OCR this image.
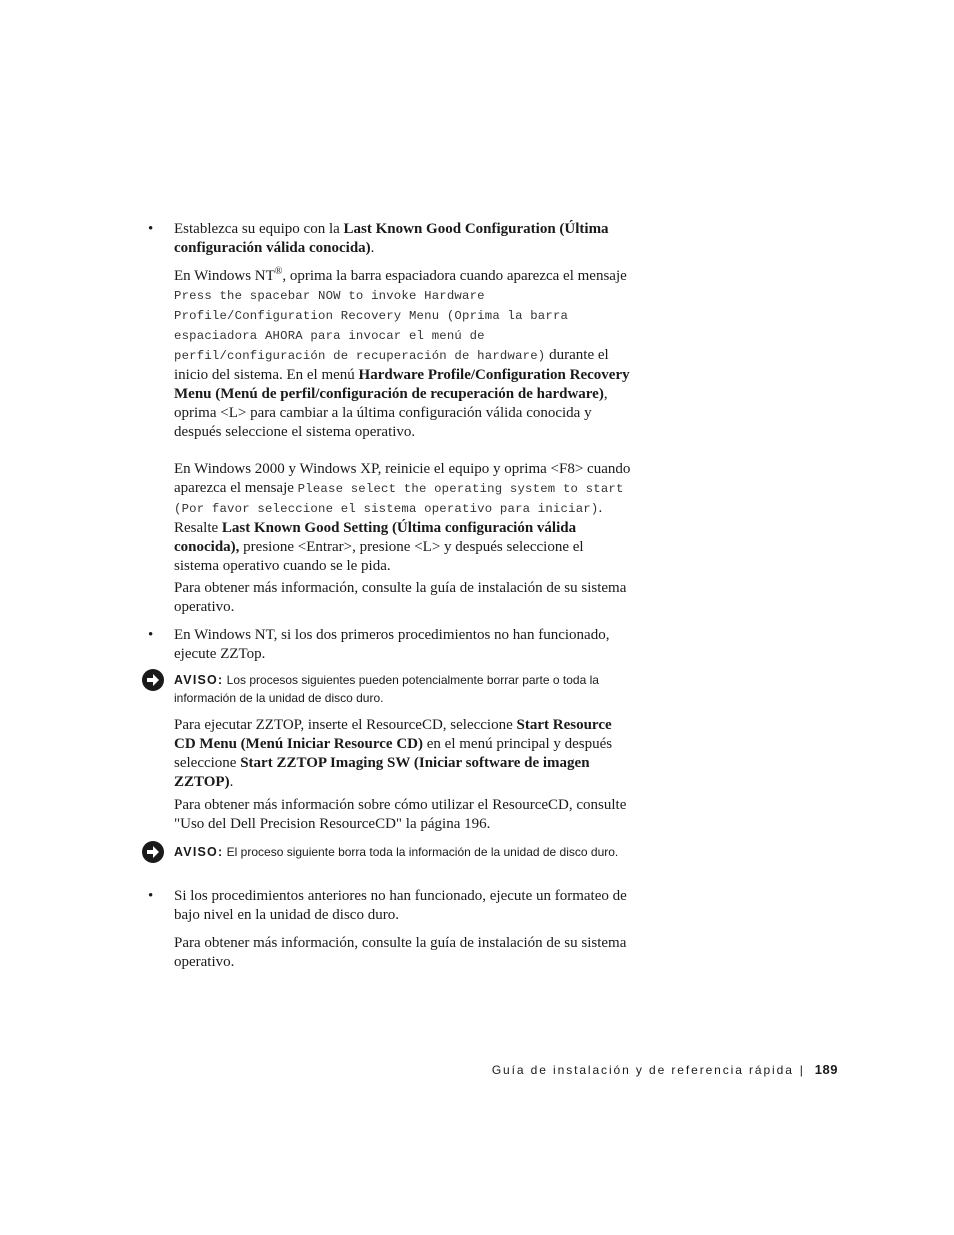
• Establezca su equipo con la Last Known Good Configuration (Última configuración válida conocida).
En Windows NT®, oprima la barra espaciadora cuando aparezca el mensaje Press the spacebar NOW to invoke Hardware Profile/Configuration Recovery Menu (Oprima la barra espaciadora AHORA para invocar el menú de perfil/configuración de recuperación de hardware) durante el inicio del sistema. En el menú Hardware Profile/Configuration Recovery Menu (Menú de perfil/configuración de recuperación de hardware), oprima <L> para cambiar a la última configuración válida conocida y después seleccione el sistema operativo.
En Windows 2000 y Windows XP, reinicie el equipo y oprima <F8> cuando aparezca el mensaje Please select the operating system to start (Por favor seleccione el sistema operativo para iniciar). Resalte Last Known Good Setting (Última configuración válida conocida), presione <Entrar>, presione <L> y después seleccione el sistema operativo cuando se le pida.
Para obtener más información, consulte la guía de instalación de su sistema operativo.
• En Windows NT, si los dos primeros procedimientos no han funcionado, ejecute ZZTop.
AVISO: Los procesos siguientes pueden potencialmente borrar parte o toda la información de la unidad de disco duro.
Para ejecutar ZZTOP, inserte el ResourceCD, seleccione Start Resource CD Menu (Menú Iniciar Resource CD) en el menú principal y después seleccione Start ZZTOP Imaging SW (Iniciar software de imagen ZZTOP).
Para obtener más información sobre cómo utilizar el ResourceCD, consulte "Uso del Dell Precision ResourceCD" la página 196.
AVISO: El proceso siguiente borra toda la información de la unidad de disco duro.
• Si los procedimientos anteriores no han funcionado, ejecute un formateo de bajo nivel en la unidad de disco duro.
Para obtener más información, consulte la guía de instalación de su sistema operativo.
Guía de instalación y de referencia rápida | 189
